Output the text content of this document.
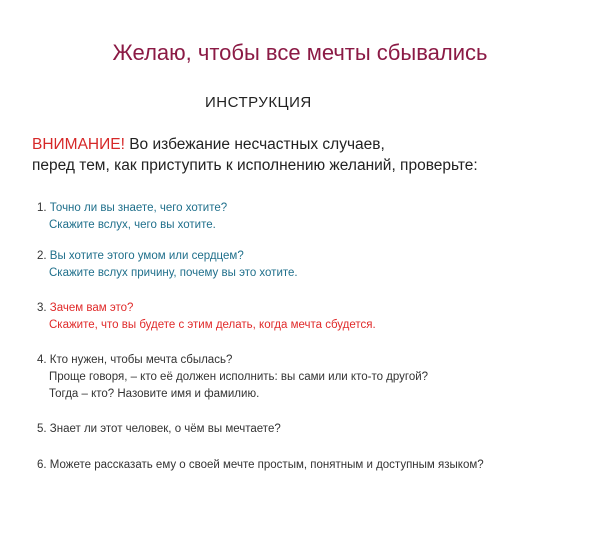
Желаю, чтобы все мечты сбывались
ИНСТРУКЦИЯ
ВНИМАНИЕ! Во избежание несчастных случаев,
перед тем, как приступить к исполнению желаний, проверьте:
1. Точно ли вы знаете, чего хотите?
Скажите вслух, чего вы хотите.
2. Вы хотите этого умом или сердцем?
Скажите вслух причину, почему вы это хотите.
3. Зачем вам это?
Скажите, что вы будете с этим делать, когда мечта сбудется.
4. Кто нужен, чтобы мечта сбылась?
Проще говоря, – кто её должен исполнить: вы сами или кто-то другой?
Тогда – кто? Назовите имя и фамилию.
5. Знает ли этот человек, о чём вы мечтаете?
6. Можете рассказать ему о своей мечте простым, понятным и доступным языком?
